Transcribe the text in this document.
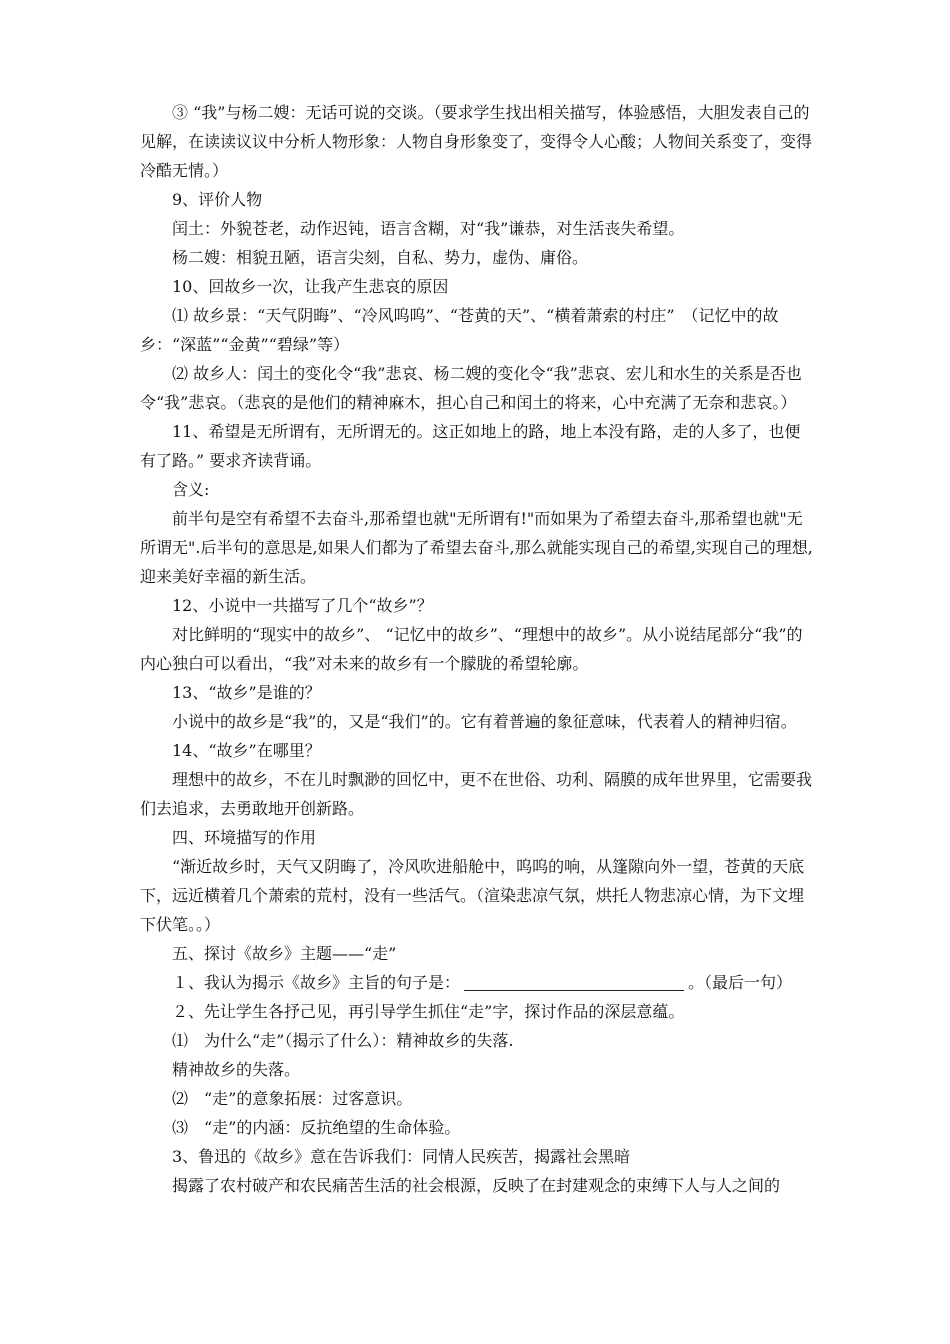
③ “我”与杨二嫂：无话可说的交谈。（要求学生找出相关描写，体验感悟，大胆发表自己的见解，在读读议议中分析人物形象：人物自身形象变了，变得令人心酸；人物间关系变了，变得冷酷无情。）

9、评价人物

闰土：外貌苍老，动作迟钝，语言含糊，对“我”谦恭，对生活丧失希望。

杨二嫂：相貌丑陋，语言尖刻，自私、势力，虚伪、庸俗。

10、回故乡一次，让我产生悲哀的原因

⑴ 故乡景：“天气阴晦”、“冷风呜呜”、“苍黄的天”、“横着萧索的村庄”　（记忆中的故乡：“深蓝”“金黄”“碧绿”等）

⑵ 故乡人：闰土的变化令“我”悲哀、杨二嫂的变化令“我”悲哀、宏儿和水生的关系是否也令“我”悲哀。（悲哀的是他们的精神麻木，担心自己和闰土的将来，心中充满了无奈和悲哀。）

11、希望是无所谓有，无所谓无的。这正如地上的路，地上本没有路，走的人多了，也便有了路。” 要求齐读背诵。

含义:

前半句是空有希望不去奋斗,那希望也就"无所谓有!"而如果为了希望去奋斗,那希望也就"无所谓无".后半句的意思是,如果人们都为了希望去奋斗,那么就能实现自己的希望,实现自己的理想,迎来美好幸福的新生活。

12、小说中一共描写了几个“故乡”？

对比鲜明的“现实中的故乡”、 “记忆中的故乡”、“理想中的故乡”。从小说结尾部分“我”的内心独白可以看出，“我”对未来的故乡有一个朦胧的希望轮廓。

13、“故乡”是谁的？

小说中的故乡是“我”的，又是“我们”的。它有着普遍的象征意味，代表着人的精神归宿。

14、“故乡”在哪里？

理想中的故乡，不在儿时飘渺的回忆中，更不在世俗、功利、隔膜的成年世界里，它需要我们去追求，去勇敢地开创新路。

四、环境描写的作用

“渐近故乡时，天气又阴晦了，冷风吹进船舱中，呜呜的响，从篷隙向外一望，苍黄的天底下，远近横着几个萧索的荒村，没有一些活气。（渲染悲凉气氛，烘托人物悲凉心情，为下文埋下伏笔。。）

五、探讨《故乡》主题——“走”

１、我认为揭示《故乡》主旨的句子是：	。（最后一句）

２、先让学生各抒己见，再引导学生抓住“走”字，探讨作品的深层意蕴。

⑴　为什么“走”（揭示了什么）：精神故乡的失落.

精神故乡的失落。

⑵　“走”的意象拓展：过客意识。

⑶　“走”的内涵：反抗绝望的生命体验。

3、鲁迅的《故乡》意在告诉我们：同情人民疾苦，揭露社会黑暗

揭露了农村破产和农民痛苦生活的社会根源，反映了在封建观念的束缚下人与人之间的
